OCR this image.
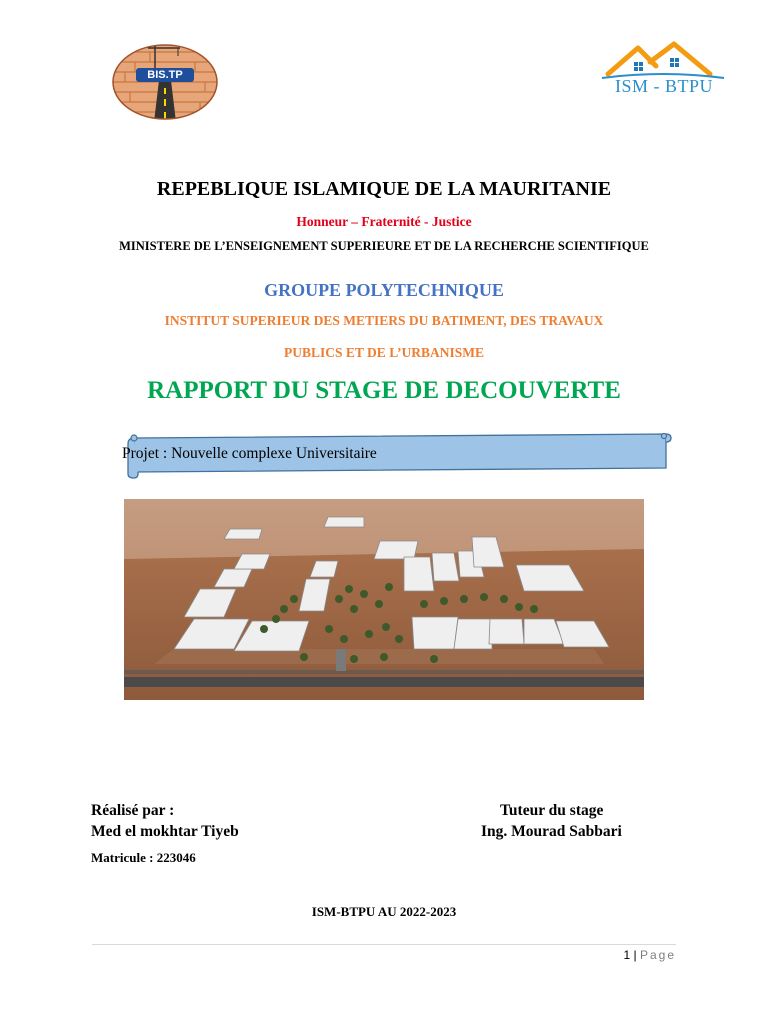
BIS.TP
ISM - BTPU
REPEBLIQUE ISLAMIQUE DE LA MAURITANIE
Honneur – Fraternité - Justice
MINISTERE DE L’ENSEIGNEMENT SUPERIEURE ET DE LA RECHERCHE SCIENTIFIQUE
GROUPE POLYTECHNIQUE
INSTITUT SUPERIEUR DES METIERS DU BATIMENT, DES TRAVAUX
PUBLICS ET DE L’URBANISME
RAPPORT DU STAGE DE DECOUVERTE
Projet : Nouvelle complexe Universitaire
Réalisé par :
Med el mokhtar Tiyeb
Matricule : 223046
Tuteur du stage
Ing. Mourad Sabbari
ISM-BTPU AU 2022-2023
1 | Page
